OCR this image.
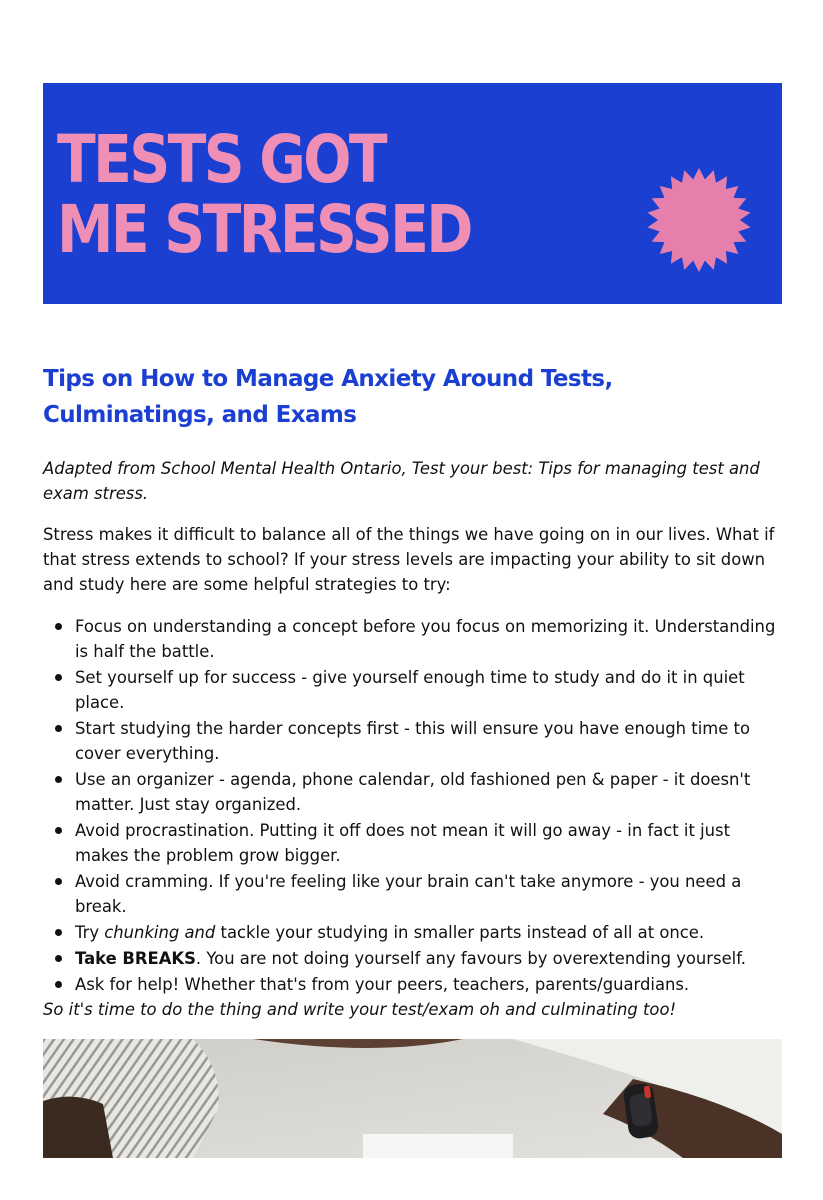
TESTS GOT
ME STRESSED
Tips on How to Manage Anxiety Around Tests, Culminatings, and Exams

Adapted from School Mental Health Ontario, Test your best: Tips for managing test and exam stress.

Stress makes it difficult to balance all of the things we have going on in our lives. What if that stress extends to school? If your stress levels are impacting your ability to sit down and study here are some helpful strategies to try:

Focus on understanding a concept before you focus on memorizing it. Understanding is half the battle.
Set yourself up for success - give yourself enough time to study and do it in quiet place.
Start studying the harder concepts first - this will ensure you have enough time to cover everything.
Use an organizer - agenda, phone calendar, old fashioned pen & paper - it doesn't matter. Just stay organized.
Avoid procrastination. Putting it off does not mean it will go away - in fact it just makes the problem grow bigger.
Avoid cramming. If you're feeling like your brain can't take anymore - you need a break.
Try chunking and tackle your studying in smaller parts instead of all at once.
Take BREAKS. You are not doing yourself any favours by overextending yourself.
Ask for help! Whether that's from your peers, teachers, parents/guardians.

So it's time to do the thing and write your test/exam oh and culminating too!
